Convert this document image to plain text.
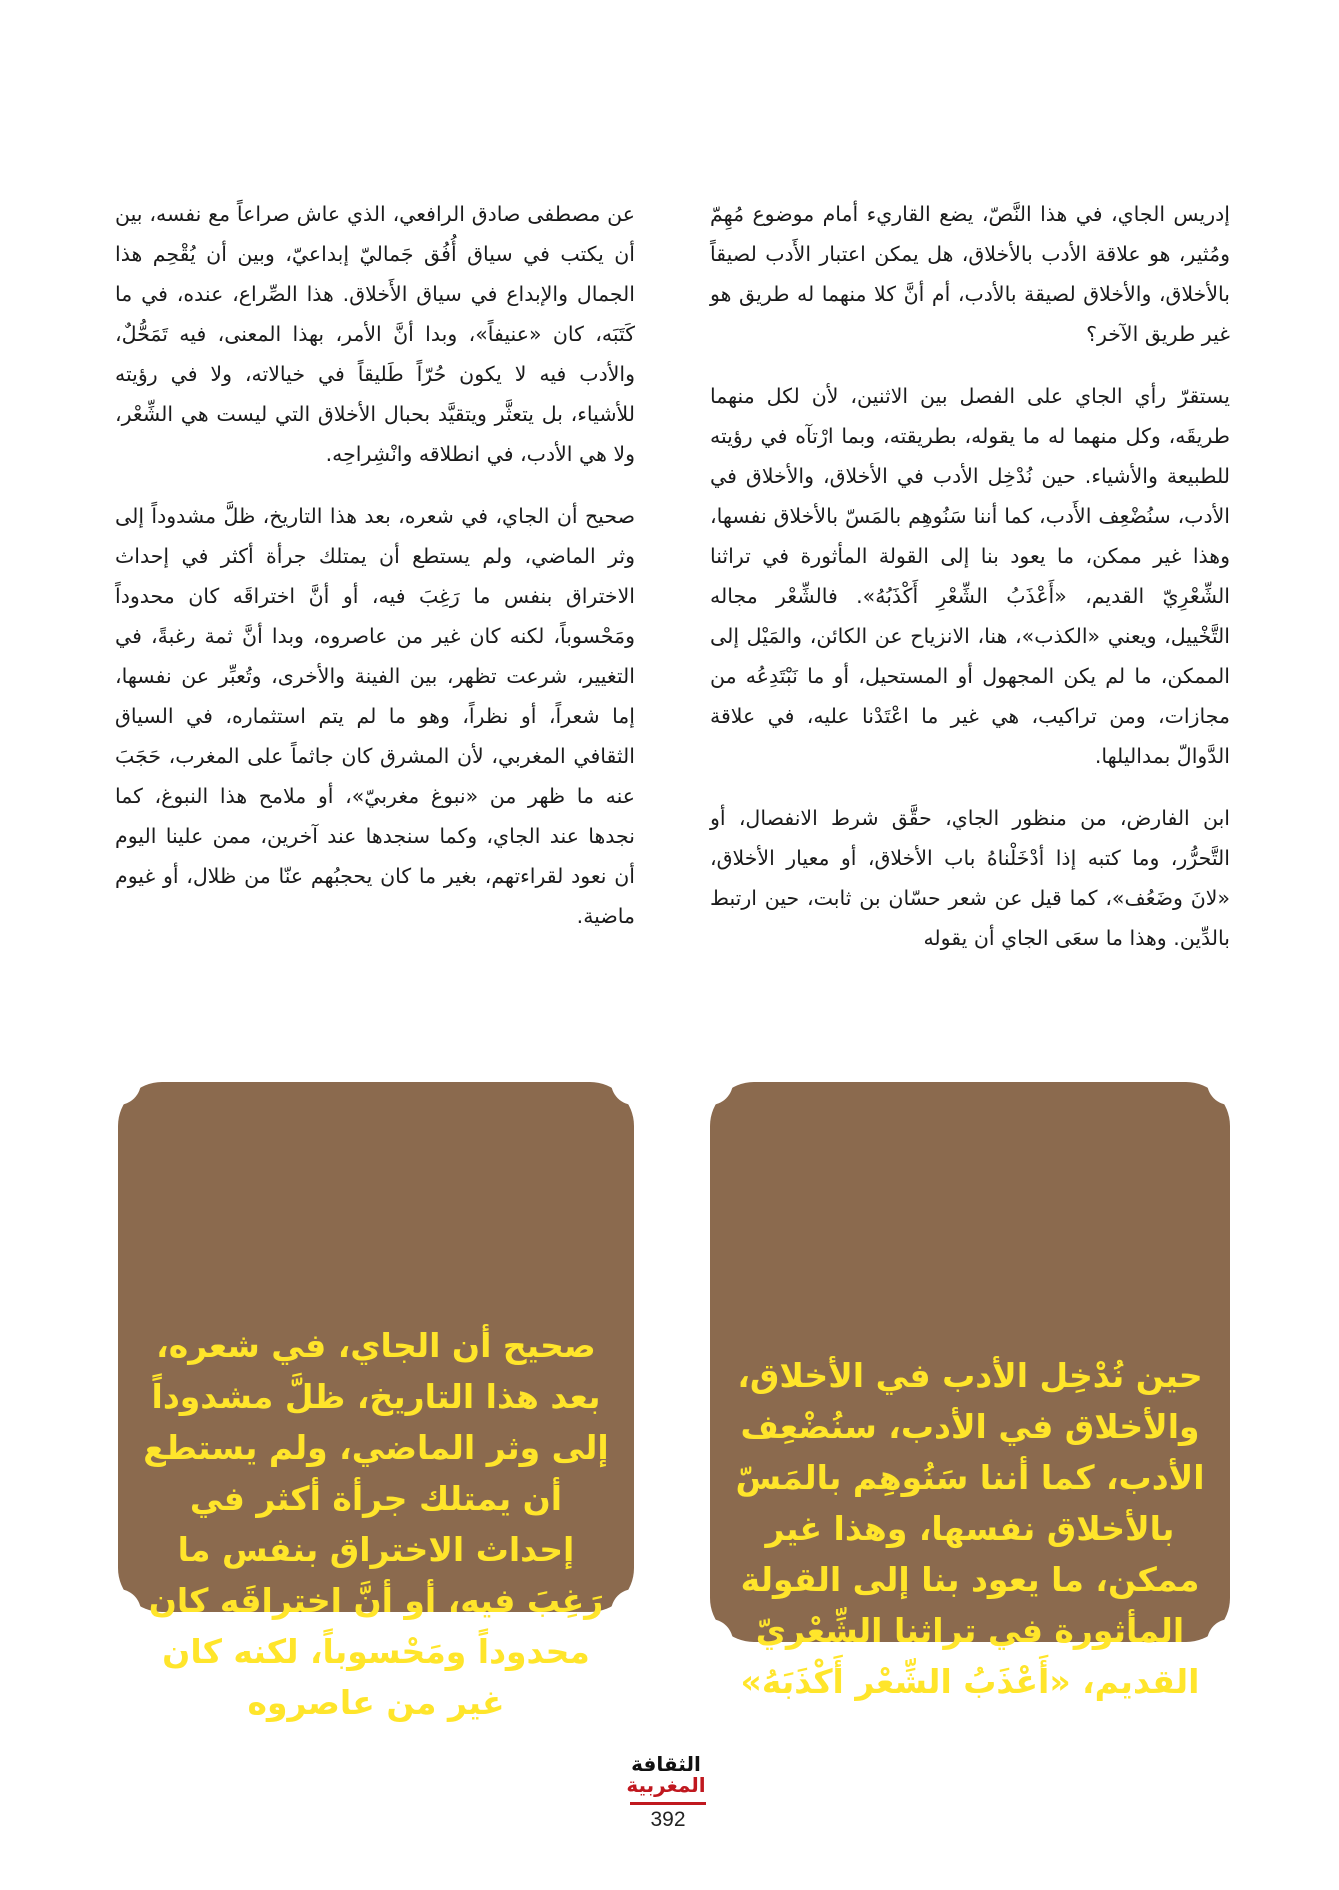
إدريس الجاي، في هذا النَّصّ، يضع القاريء أمام موضوع مُهِمّ ومُثير، هو علاقة الأدب بالأخلاق، هل يمكن اعتبار الأَدب لصيقاً بالأخلاق، والأخلاق لصيقة بالأدب، أم أنَّ كلا منهما له طريق هو غير طريق الآخر؟

يستقرّ رأي الجاي على الفصل بين الاثنين، لأن لكل منهما طريقَه، وكل منهما له ما يقوله، بطريقته، وبما ارْتآه في رؤيته للطبيعة والأشياء. حين نُدْخِل الأدب في الأخلاق، والأخلاق في الأدب، سنُضْعِف الأَدب، كما أننا سَنُوهِم بالمَسّ بالأخلاق نفسها، وهذا غير ممكن، ما يعود بنا إلى القولة المأثورة في تراثنا الشِّعْرِيّ القديم، «أَعْذَبُ الشِّعْرِ أَكْذَبُهُ». فالشِّعْر مجاله التَّخْييل، ويعني «الكذب»، هنا، الانزياح عن الكائن، والمَيْل إلى الممكن، ما لم يكن المجهول أو المستحيل، أو ما نَبْتَدِعُه من مجازات، ومن تراكيب، هي غير ما اعْتَدْنا عليه، في علاقة الدَّوالّ بمداليلها.

ابن الفارض، من منظور الجاي، حقَّق شرط الانفصال، أو التَّحرُّر، وما كتبه إذا أدْخَلْناهُ باب الأخلاق، أو معيار الأخلاق، «لانَ وضَعُف»، كما قيل عن شعر حسّان بن ثابت، حين ارتبط بالدِّين. وهذا ما سعَى الجاي أن يقوله

عن مصطفى صادق الرافعي، الذي عاش صراعاً مع نفسه، بين أن يكتب في سياق أُفُق جَماليّ إبداعيّ، وبين أن يُقْحِم هذا الجمال والإبداع في سياق الأَخلاق. هذا الصِّراع، عنده، في ما كَتَبَه، كان «عنيفاً»، وبدا أنَّ الأمر، بهذا المعنى، فيه تَمَحُّلٌ، والأدب فيه لا يكون حُرّاً طَليقاً في خيالاته، ولا في رؤيته للأشياء، بل يتعثَّر ويتقيَّد بحبال الأخلاق التي ليست هي الشِّعْر، ولا هي الأدب، في انطلاقه وانْشِراحِه.

صحيح أن الجاي، في شعره، بعد هذا التاريخ، ظلَّ مشدوداً إلى وثر الماضي، ولم يستطع أن يمتلك جرأة أكثر في إحداث الاختراق بنفس ما رَغِبَ فيه، أو أنَّ اختراقَه كان محدوداً ومَحْسوباً، لكنه كان غير من عاصروه، وبدا أنَّ ثمة رغبةً، في التغيير، شرعت تظهر، بين الفينة والأخرى، وتُعبِّر عن نفسها، إما شعراً، أو نظراً، وهو ما لم يتم استثماره، في السياق الثقافي المغربي، لأن المشرق كان جاثماً على المغرب، حَجَبَ عنه ما ظهر من «نبوغ مغربيّ»، أو ملامح هذا النبوغ، كما نجدها عند الجاي، وكما سنجدها عند آخرين، ممن علينا اليوم أن نعود لقراءتهم، بغير ما كان يحجبُهم عنّا من ظلال، أو غيوم ماضية.

حين نُدْخِل الأدب في الأخلاق، والأخلاق في الأدب، سنُضْعِف الأدب، كما أننا سَنُوهِم بالمَسّ بالأخلاق نفسها، وهذا غير ممكن، ما يعود بنا إلى القولة المأثورة في تراثنا الشِّعْريّ القديم، «أَعْذَبُ الشِّعْر أَكْذَبَهُ»
صحيح أن الجاي، في شعره، بعد هذا التاريخ، ظلَّ مشدوداً إلى وثر الماضي، ولم يستطع أن يمتلك جرأة أكثر في إحداث الاختراق بنفس ما رَغِبَ فيه، أو أنَّ اختراقَه كان محدوداً ومَحْسوباً، لكنه كان غير من عاصروه
الثقافة
المغربية
392
